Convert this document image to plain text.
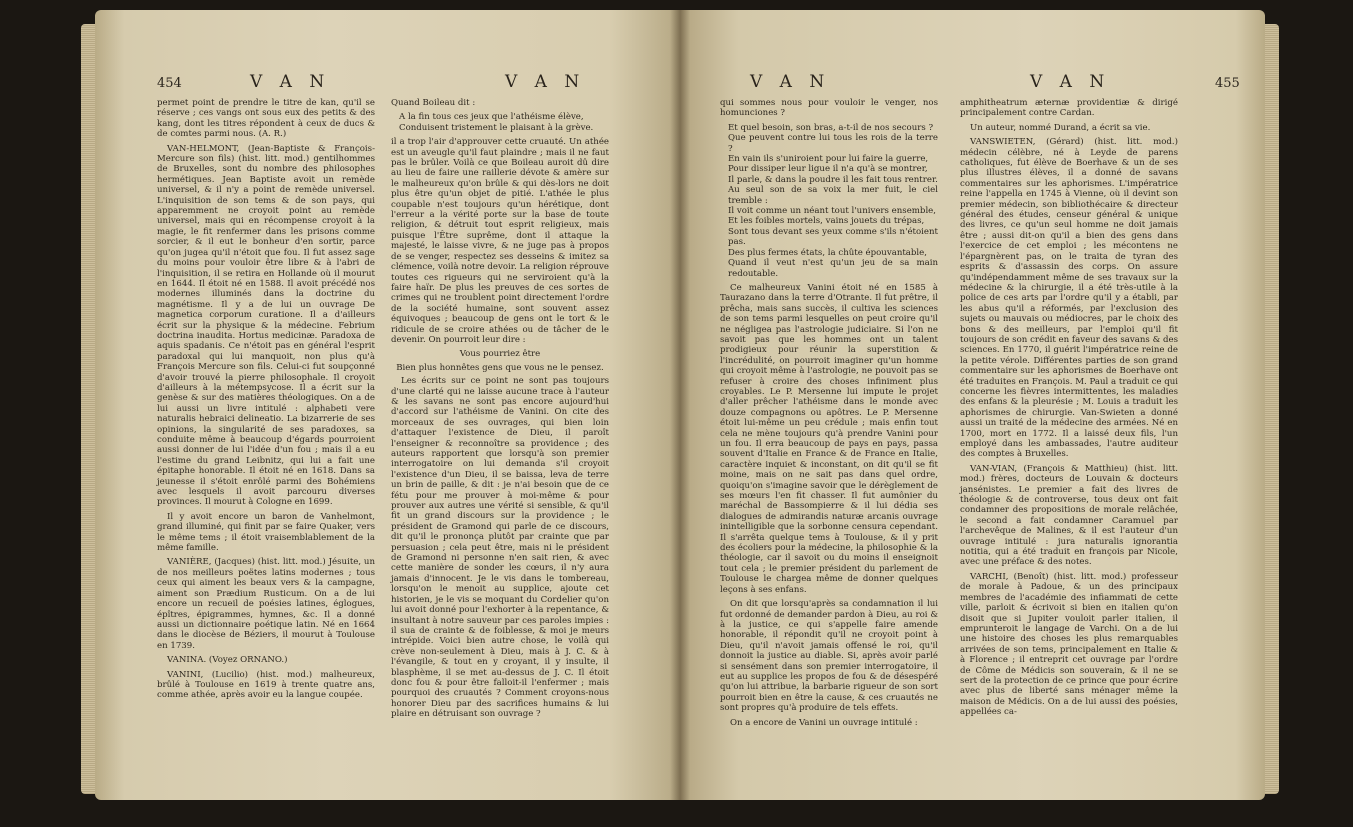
454	V A N	V A N

permet point de prendre le titre de kan, qu'il se réserve ; ces vangs ont sous eux des petits & des kang, dont les titres répondent à ceux de ducs & de comtes parmi nous. (A. R.)

VAN-HELMONT, (Jean-Baptiste & François-Mercure son fils) (hist. litt. mod.) gentilhommes de Bruxelles, sont du nombre des philosophes hermétiques. Jean Baptiste avoit un remède universel, & il n'y a point de remède universel. L'inquisition de son tems & de son pays, qui apparemment ne croyoit point au remède universel, mais qui en récompense croyoit à la magie, le fit renfermer dans les prisons comme sorcier, & il eut le bonheur d'en sortir, parce qu'on jugea qu'il n'étoit que fou. Il fut assez sage du moins pour vouloir être libre & à l'abri de l'inquisition, il se retira en Hollande où il mourut en 1644. Il étoit né en 1588. Il avoit précédé nos modernes illuminés dans la doctrine du magnétisme. Il y a de lui un ouvrage De magnetica corporum curatione. Il a d'ailleurs écrit sur la physique & la médecine. Febrium doctrina inaudita. Hortus medicinæ. Paradoxa de aquis spadanis. Ce n'étoit pas en général l'esprit paradoxal qui lui manquoit, non plus qu'à François Mercure son fils. Celui-ci fut soupçonné d'avoir trouvé la pierre philosophale. Il croyoit d'ailleurs à la métempsycose. Il a écrit sur la genèse & sur des matières théologiques. On a de lui aussi un livre intitulé : alphabeti vere naturalis hebraici delineatio. La bizarrerie de ses opinions, la singularité de ses paradoxes, sa conduite même à beaucoup d'égards pourroient aussi donner de lui l'idée d'un fou ; mais il a eu l'estime du grand Leibnitz, qui lui a fait une épitaphe honorable. Il étoit né en 1618. Dans sa jeunesse il s'étoit enrôlé parmi des Bohémiens avec lesquels il avoit parcouru diverses provinces. Il mourut à Cologne en 1699.

Il y avoit encore un baron de Vanhelmont, grand illuminé, qui finit par se faire Quaker, vers le même tems ; il étoit vraisemblablement de la même famille.

VANIÈRE, (Jacques) (hist. litt. mod.) Jésuite, un de nos meilleurs poëtes latins modernes ; tous ceux qui aiment les beaux vers & la campagne, aiment son Prædium Rusticum. On a de lui encore un recueil de poésies latines, églogues, épîtres, épigrammes, hymnes, &c. Il a donné aussi un dictionnaire poétique latin. Né en 1664 dans le diocèse de Béziers, il mourut à Toulouse en 1739.

VANINA. (Voyez ORNANO.)

VANINI, (Lucilio) (hist. mod.) malheureux, brûlé à Toulouse en 1619 à trente quatre ans, comme athée, après avoir eu la langue coupée.

Quand Boileau dit :

A la fin tous ces jeux que l'athéisme élève,
Conduisent tristement le plaisant à la grève.

il a trop l'air d'approuver cette cruauté. Un athée est un aveugle qu'il faut plaindre ; mais il ne faut pas le brûler. Voilà ce que Boileau auroit dû dire au lieu de faire une raillerie dévote & amère sur le malheureux qu'on brûle & qui dès-lors ne doit plus être qu'un objet de pitié. L'athée le plus coupable n'est toujours qu'un hérétique, dont l'erreur a la vérité porte sur la base de toute religion, & détruit tout esprit religieux, mais puisque l'Être suprême, dont il attaque la majesté, le laisse vivre, & ne juge pas à propos de se venger, respectez ses desseins & imitez sa clémence, voilà notre devoir. La religion réprouve toutes ces rigueurs qui ne serviroient qu'à la faire haïr. De plus les preuves de ces sortes de crimes qui ne troublent point directement l'ordre de la société humaine, sont souvent assez équivoques ; beaucoup de gens ont le tort & le ridicule de se croire athées ou de tâcher de le devenir. On pourroit leur dire :

Vous pourriez être
Bien plus honnêtes gens que vous ne le pensez.

Les écrits sur ce point ne sont pas toujours d'une clarté qui ne laisse aucune trace à l'auteur & les savans ne sont pas encore aujourd'hui d'accord sur l'athéisme de Vanini. On cite des morceaux de ses ouvrages, qui bien loin d'attaquer l'existence de Dieu, il paroît l'enseigner & reconnoître sa providence ; des auteurs rapportent que lorsqu'à son premier interrogatoire on lui demanda s'il croyoit l'existence d'un Dieu, il se baissa, leva de terre un brin de paille, & dit : je n'ai besoin que de ce fétu pour me prouver à moi-même & pour prouver aux autres une vérité si sensible, & qu'il fit un grand discours sur la providence ; le président de Gramond qui parle de ce discours, dit qu'il le prononça plutôt par crainte que par persuasion ; cela peut être, mais ni le président de Gramond ni personne n'en sait rien, & avec cette manière de sonder les cœurs, il n'y aura jamais d'innocent. Je le vis dans le tombereau, lorsqu'on le menoit au supplice, ajoute cet historien, je le vis se moquant du Cordelier qu'on lui avoit donné pour l'exhorter à la repentance, & insultant à notre sauveur par ces paroles impies : il sua de crainte & de foiblesse, & moi je meurs intrépide. Voici bien autre chose, le voilà qui crève non-seulement à Dieu, mais à J. C. & à l'évangile, & tout en y croyant, il y insulte, il blasphème, il se met au-dessus de J. C. Il étoit donc fou & pour être falloit-il l'enfermer ; mais pourquoi des cruautés ? Comment croyons-nous honorer Dieu par des sacrifices humains & lui plaire en détruisant son ouvrage ?

V A N	V A N	455

qui sommes nous pour vouloir le venger, nos homunciones ?

Et quel besoin, son bras, a-t-il de nos secours ?
Que peuvent contre lui tous les rois de la terre ?
En vain ils s'uniroient pour lui faire la guerre,
Pour dissiper leur ligue il n'a qu'à se montrer,
Il parle, & dans la poudre il les fait tous rentrer.
Au seul son de sa voix la mer fuit, le ciel tremble :
Il voit comme un néant tout l'univers ensemble,
Et les foibles mortels, vains jouets du trépas,
Sont tous devant ses yeux comme s'ils n'étoient pas.
Des plus fermes états, la chûte épouvantable,
Quand il veut n'est qu'un jeu de sa main redoutable.

Ce malheureux Vanini étoit né en 1585 à Taurazano dans la terre d'Otrante. Il fut prêtre, il prêcha, mais sans succès, il cultiva les sciences de son tems parmi lesquelles on peut croire qu'il ne négligea pas l'astrologie judiciaire. Si l'on ne savoit pas que les hommes ont un talent prodigieux pour réunir la superstition & l'incrédulité, on pourroit imaginer qu'un homme qui croyoit même à l'astrologie, ne pouvoit pas se refuser à croire des choses infiniment plus croyables. Le P. Mersenne lui impute le projet d'aller prêcher l'athéisme dans le monde avec douze compagnons ou apôtres. Le P. Mersenne étoit lui-même un peu crédule ; mais enfin tout cela ne mène toujours qu'à prendre Vanini pour un fou. Il erra beaucoup de pays en pays, passa souvent d'Italie en France & de France en Italie, caractère inquiet & inconstant, on dit qu'il se fit moine, mais on ne sait pas dans quel ordre, quoiqu'on s'imagine savoir que le dérèglement de ses mœurs l'en fit chasser. Il fut aumônier du maréchal de Bassompierre & il lui dédia ses dialogues de admirandis naturæ arcanis ouvrage inintelligible que la sorbonne censura cependant. Il s'arrêta quelque tems à Toulouse, & il y prit des écoliers pour la médecine, la philosophie & la théologie, car il savoit ou du moins il enseignoit tout cela ; le premier président du parlement de Toulouse le chargea même de donner quelques leçons à ses enfans.

On dit que lorsqu'après sa condamnation il lui fut ordonné de demander pardon à Dieu, au roi & à la justice, ce qui s'appelle faire amende honorable, il répondit qu'il ne croyoit point à Dieu, qu'il n'avoit jamais offensé le roi, qu'il donnoit la justice au diable. Si, après avoir parlé si sensément dans son premier interrogatoire, il eut au supplice les propos de fou & de désespéré qu'on lui attribue, la barbarie rigueur de son sort pourroit bien en être la cause, & ces cruautés ne sont propres qu'à produire de tels effets.

On a encore de Vanini un ouvrage intitulé :

amphitheatrum æternæ providentiæ & dirigé principalement contre Cardan.

Un auteur, nommé Durand, a écrit sa vie.

VANSWIETEN, (Gérard) (hist. litt. mod.) médecin célèbre, né à Leyde de parens catholiques, fut élève de Boerhave & un de ses plus illustres élèves, il a donné de savans commentaires sur les aphorismes. L'impératrice reine l'appella en 1745 à Vienne, où il devint son premier médecin, son bibliothécaire & directeur général des études, censeur général & unique des livres, ce qu'un seul homme ne doit jamais être ; aussi dit-on qu'il a bien des gens dans l'exercice de cet emploi ; les mécontens ne l'épargnèrent pas, on le traita de tyran des esprits & d'assassin des corps. On assure qu'indépendamment même de ses travaux sur la médecine & la chirurgie, il a été très-utile à la police de ces arts par l'ordre qu'il y a établi, par les abus qu'il a réformés, par l'exclusion des sujets ou mauvais ou médiocres, par le choix des bons & des meilleurs, par l'emploi qu'il fit toujours de son crédit en faveur des savans & des sciences. En 1770, il guérit l'impératrice reine de la petite vérole. Différentes parties de son grand commentaire sur les aphorismes de Boerhave ont été traduites en François. M. Paul a traduit ce qui concerne les fièvres intermittentes, les maladies des enfans & la pleurésie ; M. Louis a traduit les aphorismes de chirurgie. Van-Swieten a donné aussi un traité de la médecine des armées. Né en 1700, mort en 1772. Il a laissé deux fils, l'un employé dans les ambassades, l'autre auditeur des comptes à Bruxelles.

VAN-VIAN, (François & Matthieu) (hist. litt. mod.) frères, docteurs de Louvain & docteurs jansénistes. Le premier a fait des livres de théologie & de controverse, tous deux ont fait condamner des propositions de morale relâchée, le second a fait condamner Caramuel par l'archevêque de Malines, & il est l'auteur d'un ouvrage intitulé : jura naturalis ignorantia notitia, qui a été traduit en françois par Nicole, avec une préface & des notes.

VARCHI, (Benoît) (hist. litt. mod.) professeur de morale à Padoue, & un des principaux membres de l'académie des infiammati de cette ville, parloit & écrivoit si bien en italien qu'on disoit que si Jupiter vouloit parler italien, il emprunteroit le langage de Varchi. On a de lui une histoire des choses les plus remarquables arrivées de son tems, principalement en Italie & à Florence ; il entreprit cet ouvrage par l'ordre de Côme de Médicis son souverain, & il ne se sert de la protection de ce prince que pour écrire avec plus de liberté sans ménager même la maison de Médicis. On a de lui aussi des poésies, appellées ca-
